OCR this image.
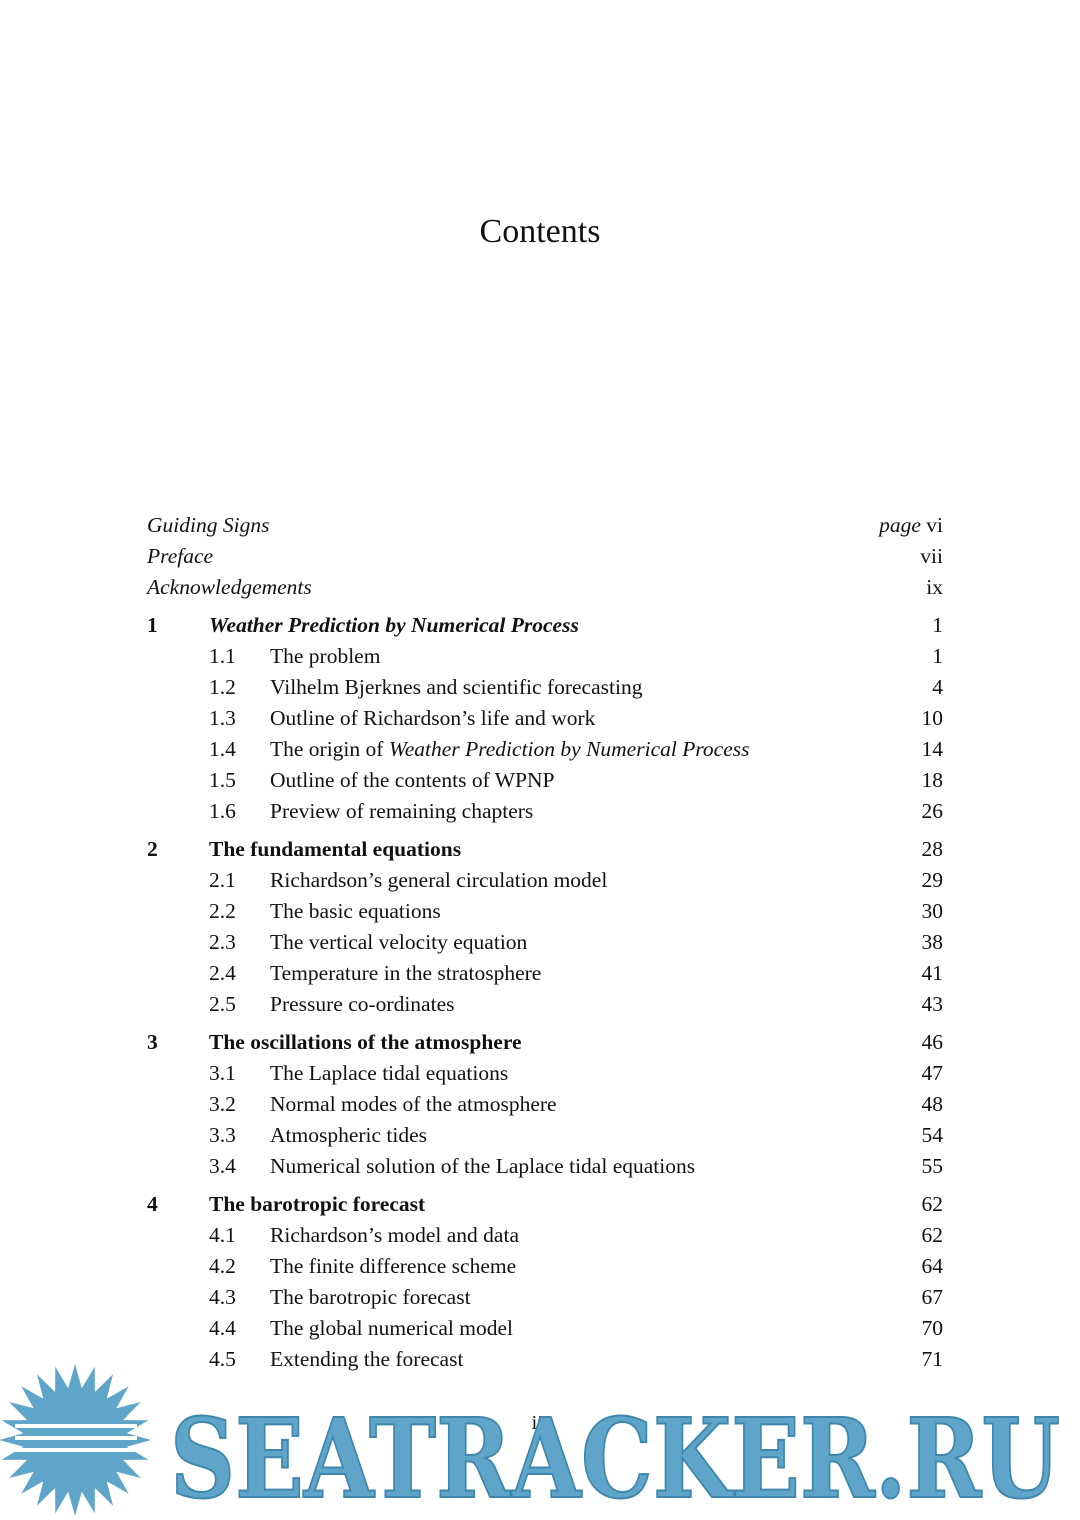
Contents
Guiding Signs	page vi
Preface	vii
Acknowledgements	ix
1	Weather Prediction by Numerical Process	1
1.1	The problem	1
1.2	Vilhelm Bjerknes and scientific forecasting	4
1.3	Outline of Richardson’s life and work	10
1.4	The origin of Weather Prediction by Numerical Process	14
1.5	Outline of the contents of WPNP	18
1.6	Preview of remaining chapters	26
2	The fundamental equations	28
2.1	Richardson’s general circulation model	29
2.2	The basic equations	30
2.3	The vertical velocity equation	38
2.4	Temperature in the stratosphere	41
2.5	Pressure co-ordinates	43
3	The oscillations of the atmosphere	46
3.1	The Laplace tidal equations	47
3.2	Normal modes of the atmosphere	48
3.3	Atmospheric tides	54
3.4	Numerical solution of the Laplace tidal equations	55
4	The barotropic forecast	62
4.1	Richardson’s model and data	62
4.2	The finite difference scheme	64
4.3	The barotropic forecast	67
4.4	The global numerical model	70
4.5	Extending the forecast	71
iii
SEATRACKER.RU
